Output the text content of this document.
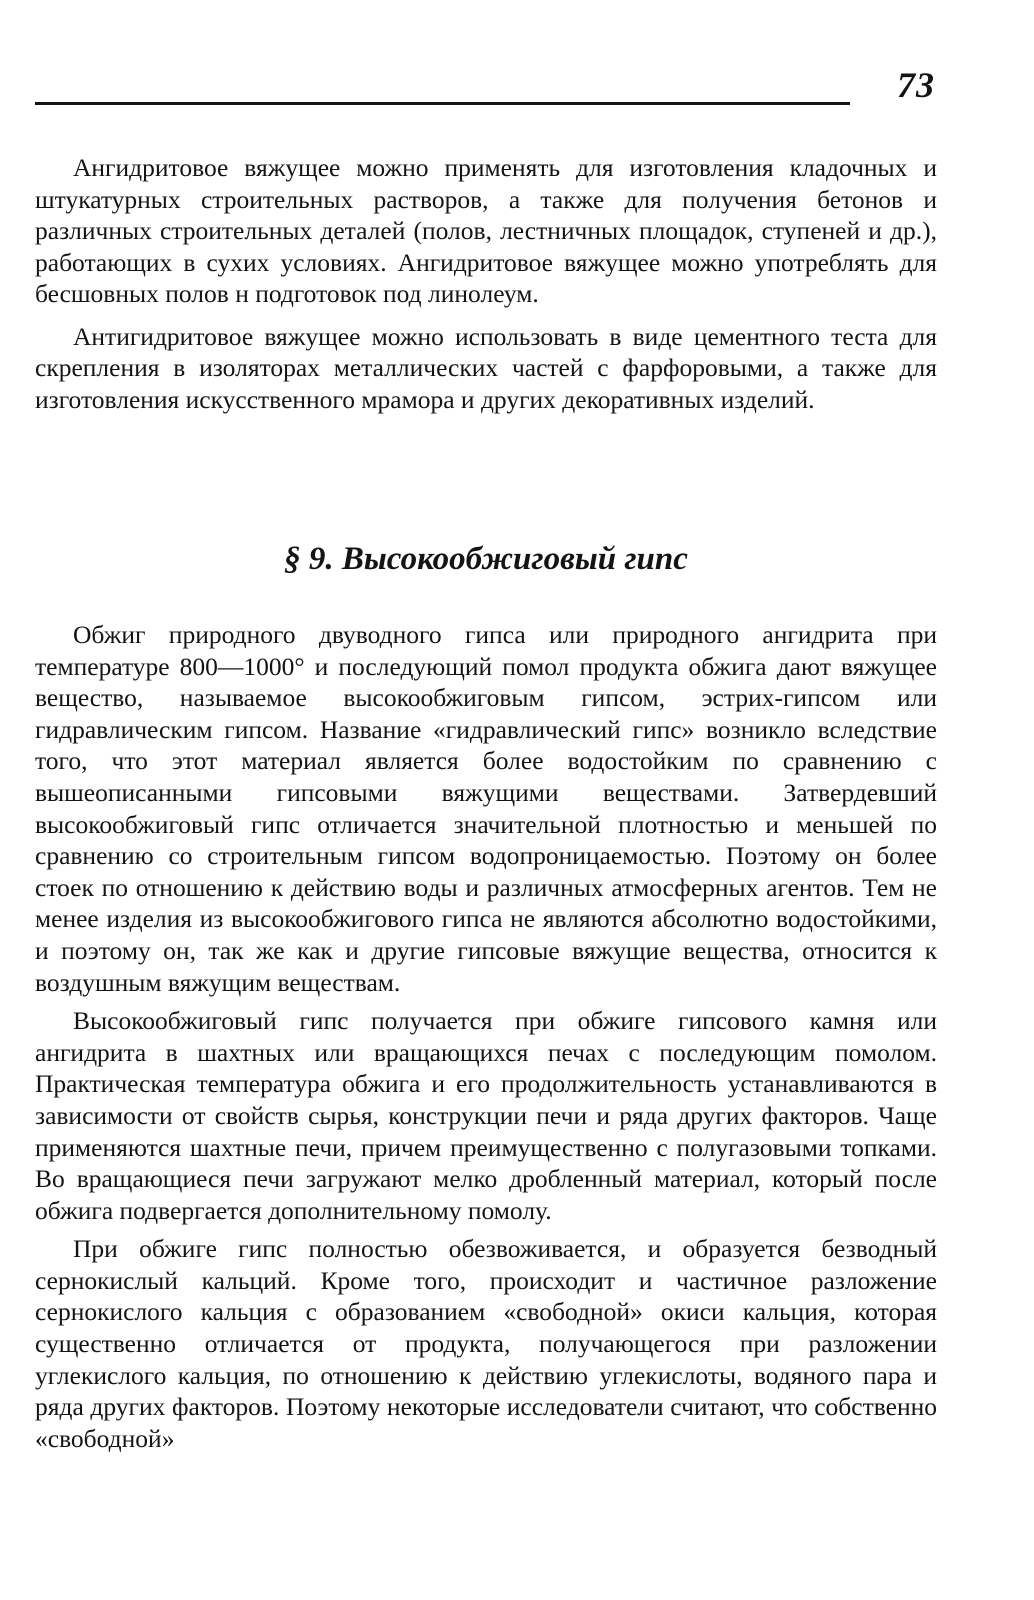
73

Ангидритовое вяжущее можно применять для изготовления кладочных и штукатурных строительных растворов, а также для получения бетонов и различных строительных деталей (полов, лестничных площадок, ступеней и др.), работающих в сухих условиях. Ангидритовое вяжущее можно употреблять для бесшовных полов н подготовок под линолеум.

Антигидритовое вяжущее можно использовать в виде цементного теста для скрепления в изоляторах металлических частей с фарфоровыми, а также для изготовления искусственного мрамора и других декоративных изделий.

§ 9. Высокообжиговый гипс

Обжиг природного двуводного гипса или природного ангидрита при температуре 800—1000° и последующий помол продукта обжига дают вяжущее вещество, называемое высокообжиговым гипсом, эстрих-гипсом или гидравлическим гипсом. Название «гидравлический гипс» возникло вследствие того, что этот материал является более водостойким по сравнению с вышеописанными гипсовыми вяжущими веществами. Затвердевший высокообжиговый гипс отличается значительной плотностью и меньшей по сравнению со строительным гипсом водопроницаемостью. Поэтому он более стоек по отношению к действию воды и различных атмосферных агентов. Тем не менее изделия из высокообжигового гипса не являются абсолютно водостойкими, и поэтому он, так же как и другие гипсовые вяжущие вещества, относится к воздушным вяжущим веществам.

Высокообжиговый гипс получается при обжиге гипсового камня или ангидрита в шахтных или вращающихся печах с последующим помолом. Практическая температура обжига и его продолжительность устанавливаются в зависимости от свойств сырья, конструкции печи и ряда других факторов. Чаще применяются шахтные печи, причем преимущественно с полугазовыми топками. Во вращающиеся печи загружают мелко дробленный материал, который после обжига подвергается дополнительному помолу.

При обжиге гипс полностью обезвоживается, и образуется безводный сернокислый кальций. Кроме того, происходит и частичное разложение сернокислого кальция с образованием «свободной» окиси кальция, которая существенно отличается от продукта, получающегося при разложении углекислого кальция, по отношению к действию углекислоты, водяного пара и ряда других факторов. Поэтому некоторые исследователи считают, что собственно «свободной»
